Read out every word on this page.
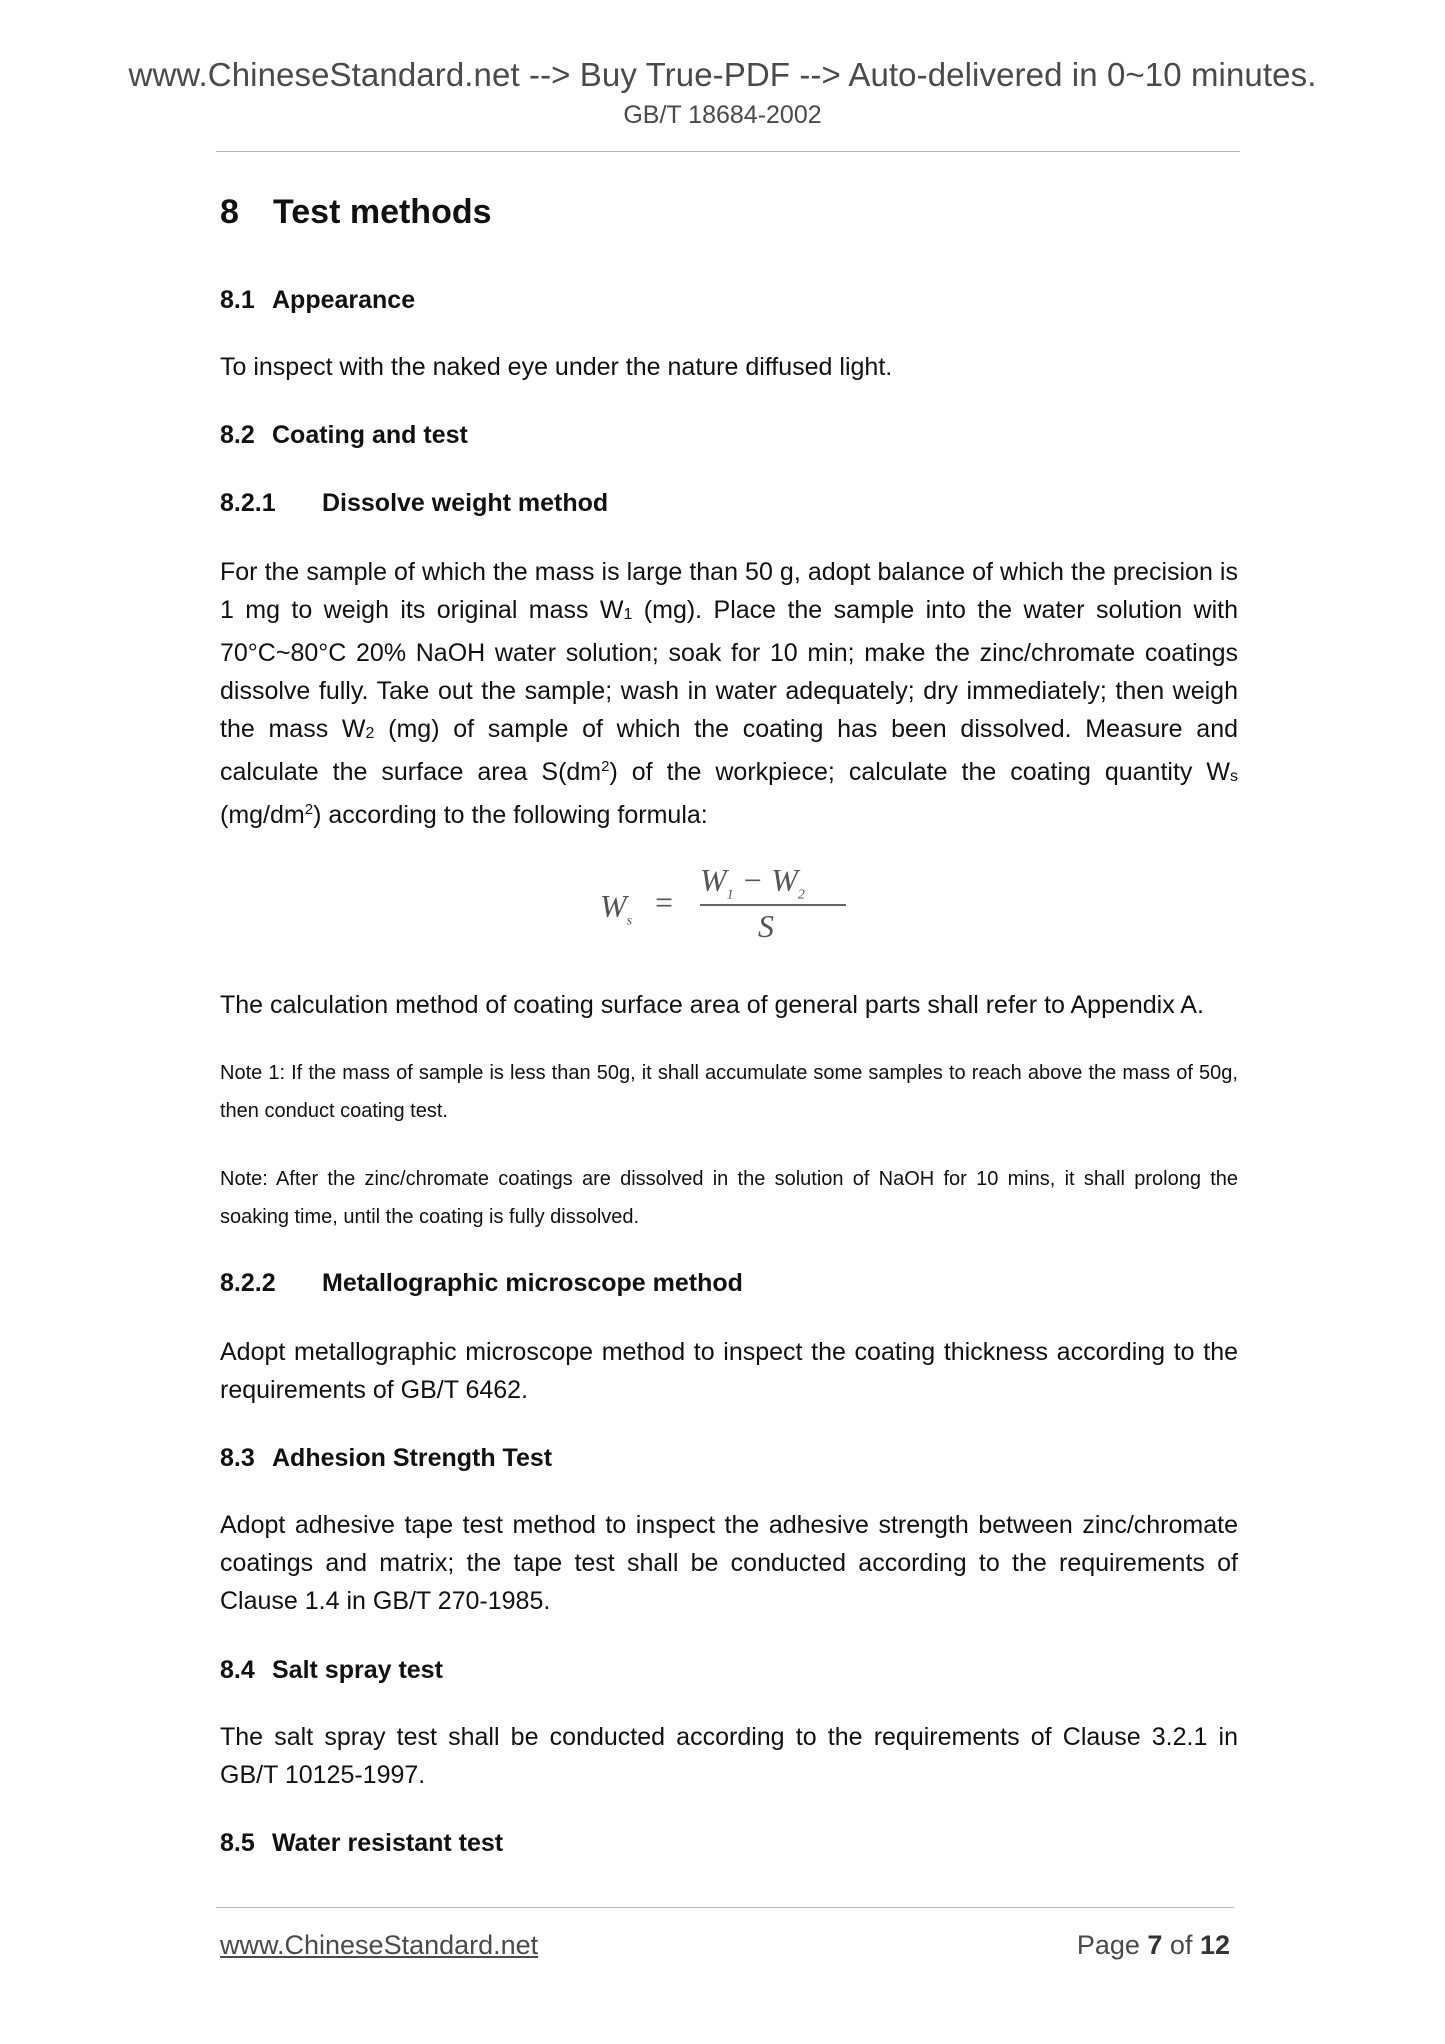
www.ChineseStandard.net --> Buy True-PDF --> Auto-delivered in 0~10 minutes.
GB/T 18684-2002
8 Test methods
8.1 Appearance

To inspect with the naked eye under the nature diffused light.

8.2 Coating and test
8.2.1 Dissolve weight method

For the sample of which the mass is large than 50 g, adopt balance of which the precision is 1 mg to weigh its original mass W1 (mg). Place the sample into the water solution with 70°C~80°C 20% NaOH water solution; soak for 10 min; make the zinc/chromate coatings dissolve fully. Take out the sample; wash in water adequately; dry immediately; then weigh the mass W2 (mg) of sample of which the coating has been dissolved. Measure and calculate the surface area $S(dm^2)$ of the workpiece; calculate the coating quantity Ws $(mg/dm^2)$ according to the following formula:

The calculation method of coating surface area of general parts shall refer to Appendix A.

Note 1: If the mass of sample is less than 50g, it shall accumulate some samples to reach above the mass of 50g, then conduct coating test.

Note: After the zinc/chromate coatings are dissolved in the solution of NaOH for 10 mins, it shall prolong the soaking time, until the coating is fully dissolved.

8.2.2 Metallographic microscope method

Adopt metallographic microscope method to inspect the coating thickness according to the requirements of GB/T 6462.

8.3 Adhesion Strength Test

Adopt adhesive tape test method to inspect the adhesive strength between zinc/chromate coatings and matrix; the tape test shall be conducted according to the requirements of Clause 1.4 in GB/T 270-1985.

8.4 Salt spray test

The salt spray test shall be conducted according to the requirements of Clause 3.2.1 in GB/T 10125-1997.

8.5 Water resistant test
$W_s$
=
$W_1 - W_2$
S
www.ChineseStandard.net	Page 7 of 12
